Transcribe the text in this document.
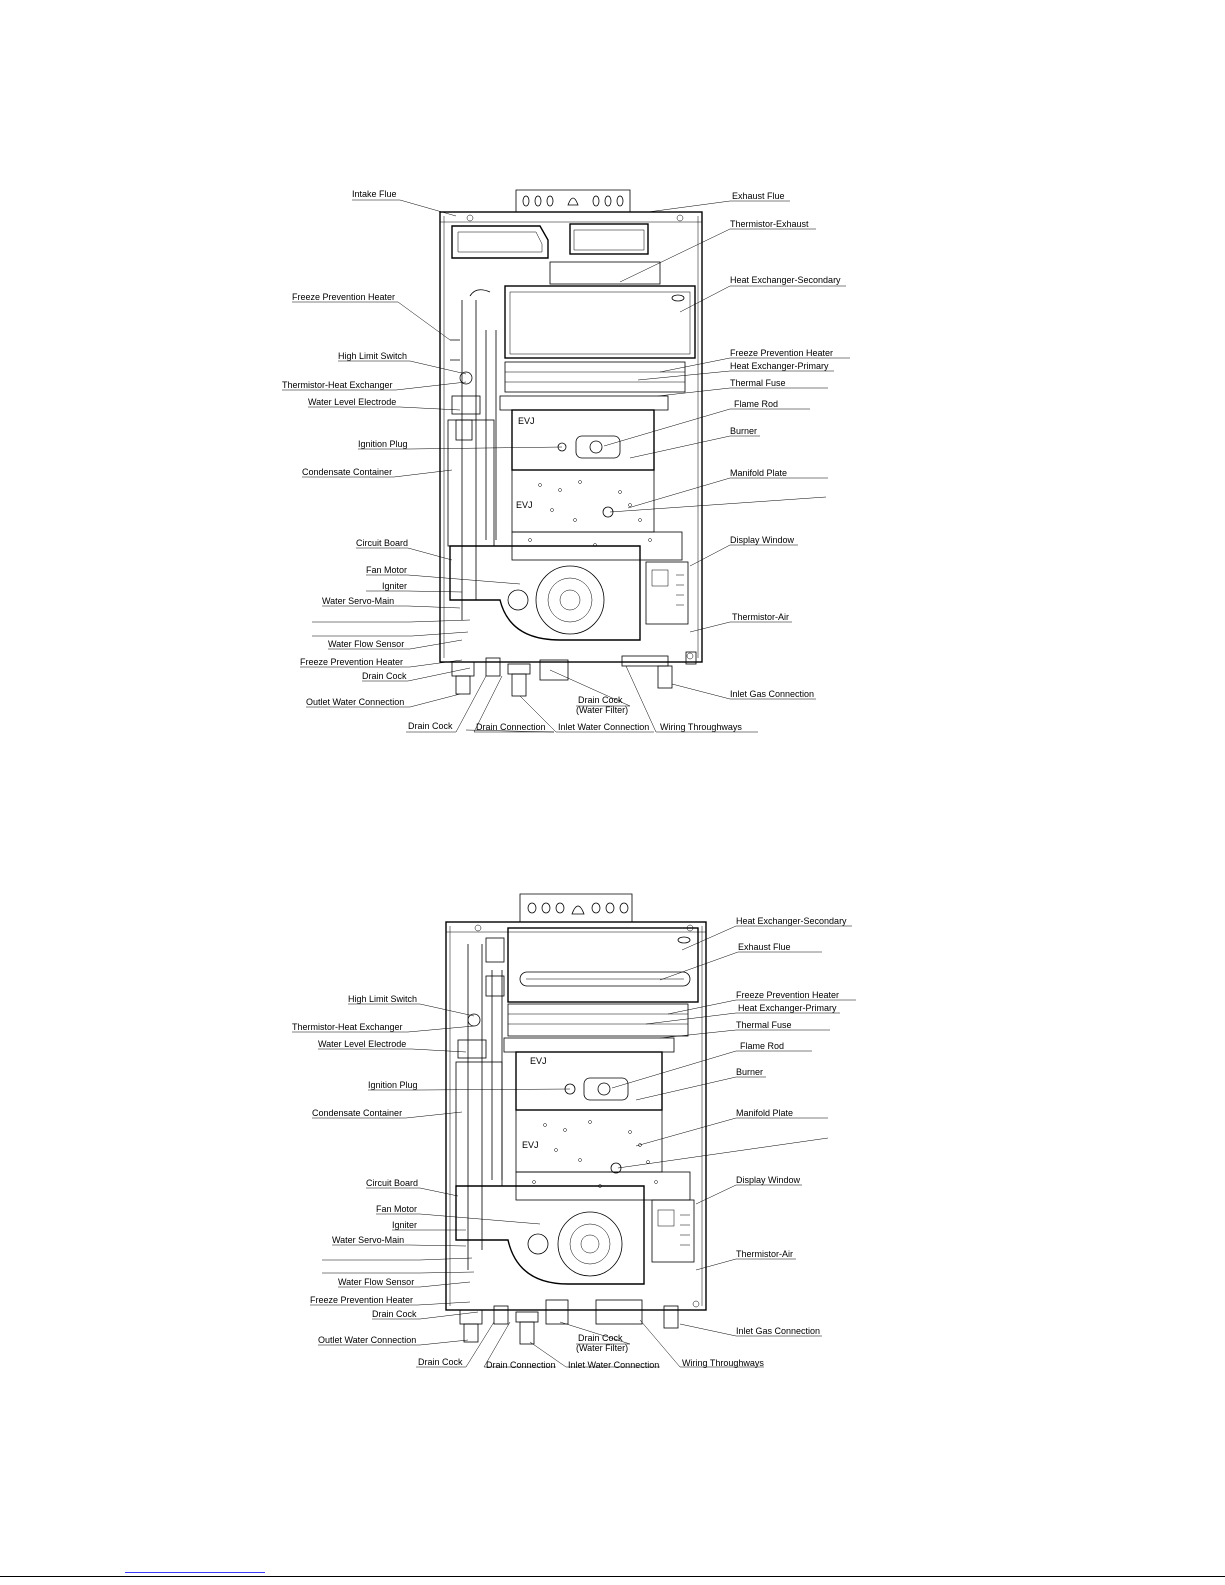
EVJ
EVJ
Intake Flue	Exhaust Flue
Thermistor-Exhaust
Heat Exchanger-Secondary
Freeze Prevention Heater
High Limit Switch	Freeze Prevention Heater
Heat Exchanger-Primary
Thermistor-Heat Exchanger	Thermal Fuse
Water Level Electrode	Flame Rod
Burner
Ignition Plug
Condensate Container	Manifold Plate
Circuit Board	Display Window
Fan Motor
Igniter
Water Servo-Main
Thermistor-Air
Water Flow Sensor
Freeze Prevention Heater
Drain Cock
Inlet Gas Connection
Outlet Water Connection	Drain Cock
(Water Filter)
Drain Cock	Drain Connection Inlet Water Connection Wiring Throughways
EVJ
EVJ
Heat Exchanger-Secondary
Exhaust Flue
High Limit Switch	Freeze Prevention Heater
Heat Exchanger-Primary
Thermistor-Heat Exchanger	Thermal Fuse
Water Level Electrode	Flame Rod
Ignition Plug
Burner
Condensate Container	Manifold Plate
Circuit Board	Display Window
Fan Motor
Igniter
Water Servo-Main
Thermistor-Air
Water Flow Sensor
Freeze Prevention Heater
Drain Cock
Outlet Water Connection
Inlet Gas Connection
Drain Cock
(Water Filter)
Drain Cock	Drain Connection Inlet Water Connection	Wiring Throughways
